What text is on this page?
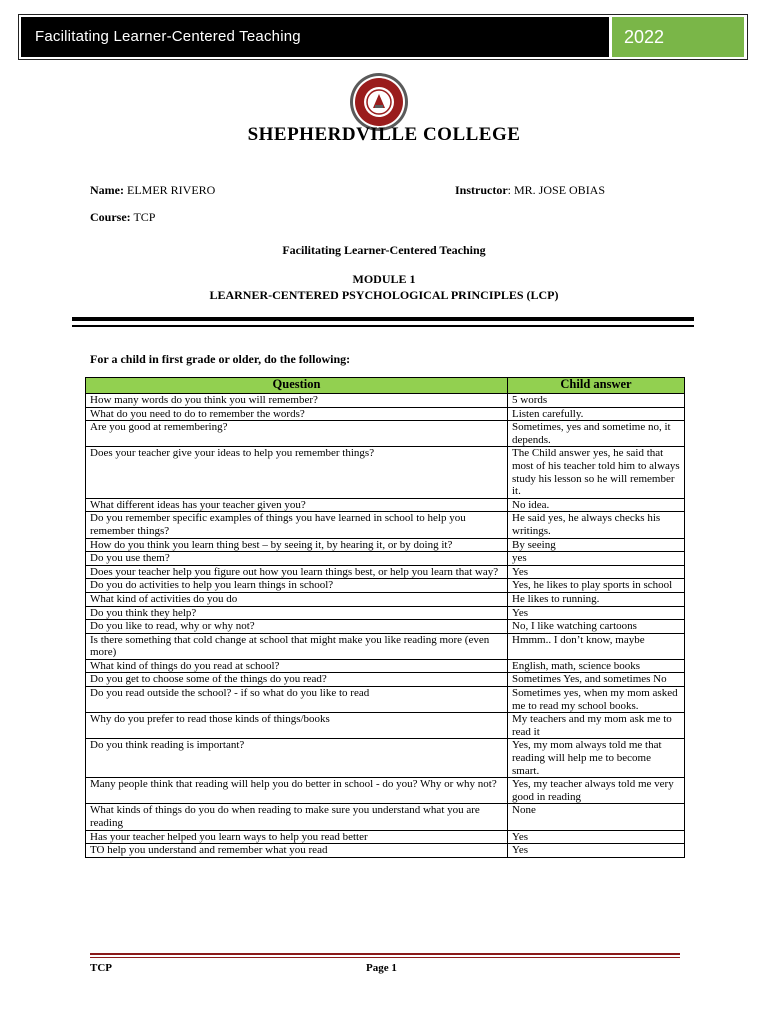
Facilitating Learner-Centered Teaching	2022
SHEPHERDVILLE COLLEGE
Name: ELMER RIVERO	Instructor: MR. JOSE OBIAS
Course: TCP
Facilitating Learner-Centered Teaching
MODULE 1
LEARNER-CENTERED PSYCHOLOGICAL PRINCIPLES (LCP)
For a child in first grade or older, do the following:
Question	Child answer
How many words do you think you will remember?	5 words
What do you need to do to remember the words?	Listen carefully.
Are you good at remembering?	Sometimes, yes and sometime no, it depends.
Does your teacher give your ideas to help you remember things?	The Child answer yes, he said that most of his teacher told him to always study his lesson so he will remember it.
What different ideas has your teacher given you?	No idea.
Do you remember specific examples of things you have learned in school to help you remember things?	He said yes, he always checks his writings.
How do you think you learn thing best – by seeing it, by hearing it, or by doing it?	By seeing
Do you use them?	yes
Does your teacher help you figure out how you learn things best, or help you learn that way?	Yes
Do you do activities to help you learn things in school?	Yes, he likes to play sports in school
What kind of activities do you do	He likes to running.
Do you think they help?	Yes
Do you like to read, why or why not?	No, I like watching cartoons
Is there something that cold change at school that might make you like reading more (even more)	Hmmm.. I don’t know, maybe
What kind of things do you read at school?	English, math, science books
Do you get to choose some of the things do you read?	Sometimes Yes, and sometimes No
Do you read outside the school? - if so what do you like to read	Sometimes yes, when my mom asked me to read my school books.
Why do you prefer to read those kinds of things/books	My teachers and my mom ask me to read it
Do you think reading is important?	Yes, my mom always told me that reading will help me to become smart.
Many people think that reading will help you do better in school - do you? Why or why not?	Yes, my teacher always told me very good in reading
What kinds of things do you do when reading to make sure you understand what you are reading	None
Has your teacher helped you learn ways to help you read better	Yes
TO help you understand and remember what you read	Yes
TCP	Page 1
